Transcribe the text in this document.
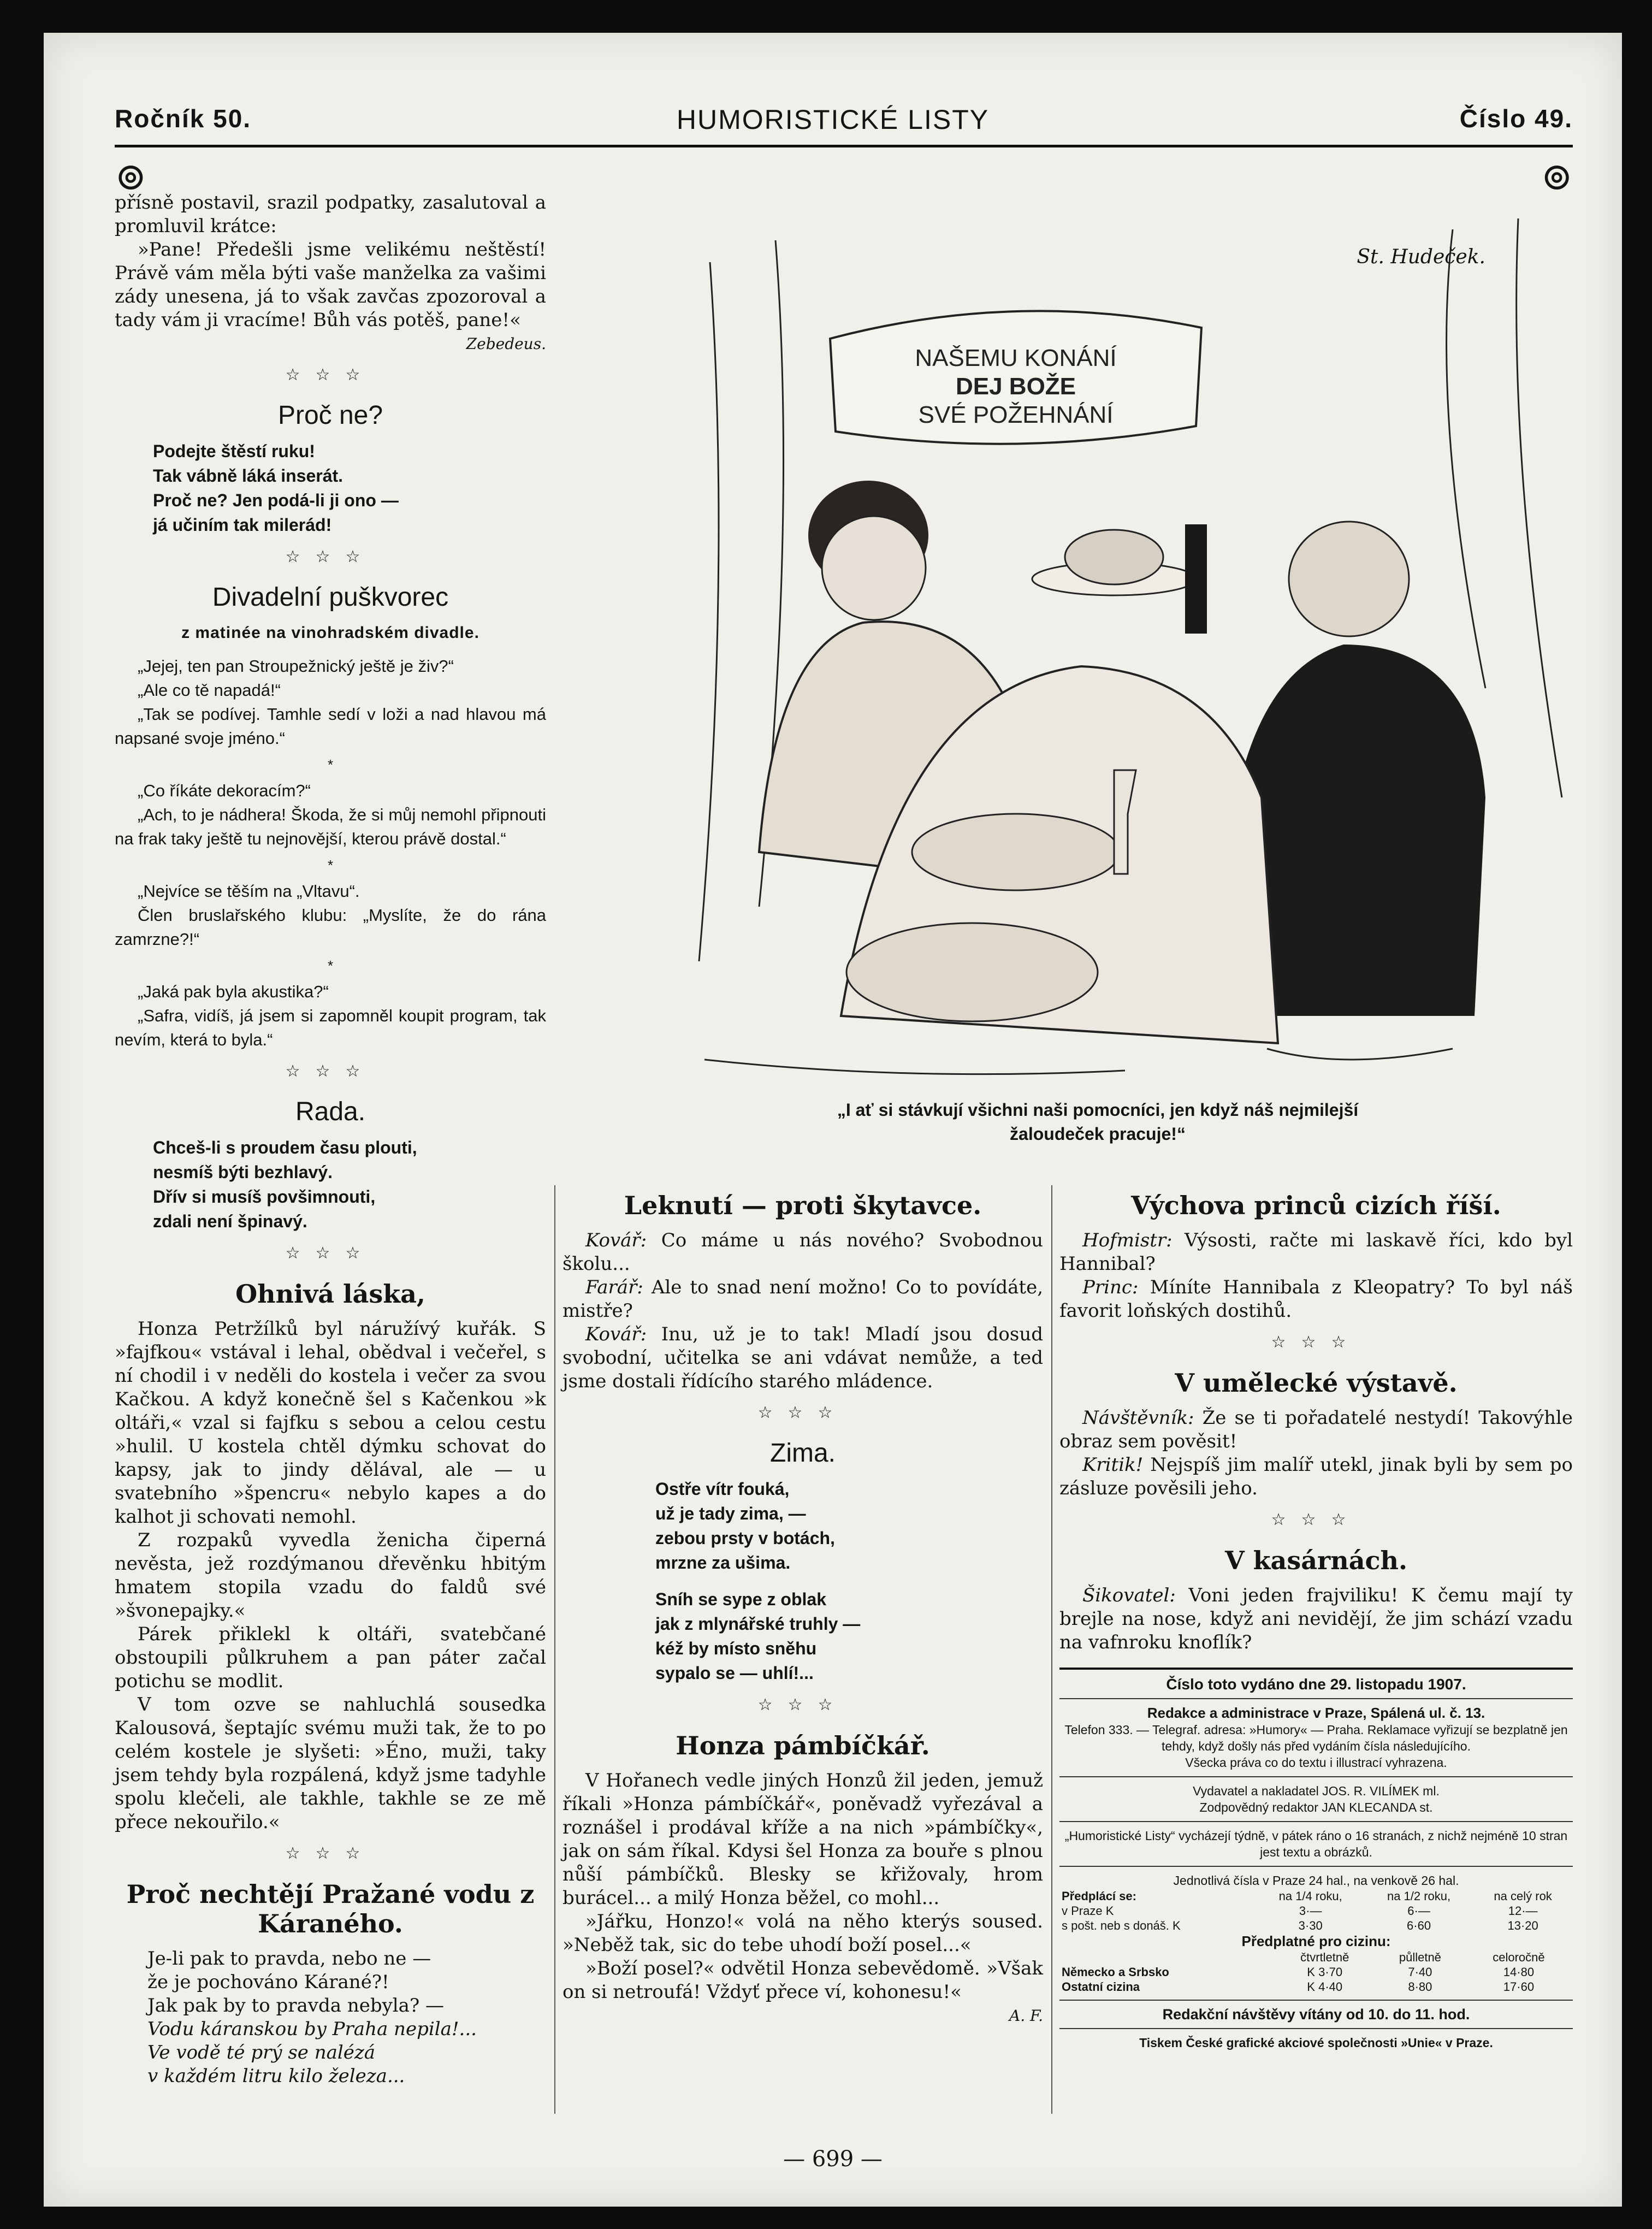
HUMORISTICKÉ LISTY
Ročník 50.	Číslo 49.
⊚	⊚

přísně postavil, srazil podpatky, zasalutoval a promluvil krátce:

»Pane! Předešli jsme velikému neštěstí! Právě vám měla býti vaše manželka za vašimi zády unesena, já to však zavčas zpozoroval a tady vám ji vracíme! Bůh vás potěš, pane!«

Zebedeus.
☆☆☆
Proč ne?
Podejte štěstí ruku!
Tak vábně láká inserát.
Proč ne? Jen podá-li ji ono —
já učiním tak milerád!
☆☆☆
Divadelní puškvorec
z matinée na vinohradském divadle.

„Jejej, ten pan Stroupežnický ještě je živ?“

„Ale co tě napadá!“

„Tak se podívej. Tamhle sedí v loži a nad hlavou má napsané svoje jméno.“

*

„Co říkáte dekoracím?“

„Ach, to je nádhera! Škoda, že si můj nemohl připnouti na frak taky ještě tu nejnovější, kterou právě dostal.“

*

„Nejvíce se těším na „Vltavu“.

Člen bruslařského klubu: „Myslíte, že do rána zamrzne?!“

*

„Jaká pak byla akustika?“

„Safra, vidíš, já jsem si zapomněl koupit program, tak nevím, která to byla.“

☆☆☆
Rada.
Chceš-li s proudem času plouti,
nesmíš býti bezhlavý.
Dřív si musíš povšimnouti,
zdali není špinavý.
☆☆☆
Ohnivá láska,

Honza Petržílků byl náružívý kuřák. S »fajfkou« vstával i lehal, obědval i večeřel, s ní chodil i v neděli do kostela i večer za svou Kačkou. A když konečně šel s Kačenkou »k oltáři,« vzal si fajfku s sebou a celou cestu »hulil. U kostela chtěl dýmku schovat do kapsy, jak to jindy dělával, ale — u svatebního »špencru« nebylo kapes a do kalhot ji schovati nemohl.

Z rozpaků vyvedla ženicha čiperná nevěsta, jež rozdýmanou dřevěnku hbitým hmatem stopila vzadu do faldů své »švonepajky.«

Párek přiklekl k oltáři, svatebčané obstoupili půlkruhem a pan páter začal potichu se modlit.

V tom ozve se nahluchlá sousedka Kalousová, šeptajíc svému muži tak, že to po celém kostele je slyšeti: »Éno, muži, taky jsem tehdy byla rozpálená, když jsme tadyhle spolu klečeli, ale takhle, takhle se ze mě přece nekouřilo.«

☆☆☆
Proč nechtějí Pražané vodu z Káraného.
Je-li pak to pravda, nebo ne —
že je pochováno Kárané?!
Jak pak by to pravda nebyla? —
Vodu káranskou by Praha nepila!...
Ve vodě té prý se nalézá
v každém litru kilo železa...
NAŠEMU KONÁNÍ
DEJ BOŽE
SVÉ POŽEHNÁNÍ
St. Hudeček.
„I ať si stávkují všichni naši pomocníci, jen když náš nejmilejší žaloudeček pracuje!“
Leknutí — proti škytavce.

Kovář: Co máme u nás nového? Svobodnou školu...

Farář: Ale to snad není možno! Co to povídáte, mistře?

Kovář: Inu, už je to tak! Mladí jsou dosud svobodní, učitelka se ani vdávat nemůže, a ted jsme dostali řídícího starého mládence.

☆☆☆
Zima.
Ostře vítr fouká,
už je tady zima, —
zebou prsty v botách,
mrzne za ušima.
Sníh se sype z oblak
jak z mlynářské truhly —
kéž by místo sněhu
sypalo se — uhlí!...
☆☆☆
Honza pámbíčkář.

V Hořanech vedle jiných Honzů žil jeden, jemuž říkali »Honza pámbíčkář«, poněvadž vyřezával a roznášel i prodával kříže a na nich »pámbíčky«, jak on sám říkal. Kdysi šel Honza za bouře s plnou nůší pámbíčků. Blesky se křižovaly, hrom burácel... a milý Honza běžel, co mohl...

»Jářku, Honzo!« volá na něho kterýs soused. »Neběž tak, sic do tebe uhodí boží posel...«

»Boží posel?« odvětil Honza sebevědomě. »Však on si netroufá! Vždyť přece ví, kohonesu!«

A. F.
Výchova princů cizích říší.

Hofmistr: Výsosti, račte mi laskavě říci, kdo byl Hannibal?

Princ: Míníte Hannibala z Kleopatry? To byl náš favorit loňských dostihů.

☆☆☆
V umělecké výstavě.

Návštěvník: Že se ti pořadatelé nestydí! Takovýhle obraz sem pověsit!

Kritik! Nejspíš jim malíř utekl, jinak byli by sem po zásluze pověsili jeho.

☆☆☆
V kasárnách.

Šikovatel: Voni jeden frajviliku! K čemu mají ty brejle na nose, když ani nevidějí, že jim schází vzadu na vafnroku knoflík?

Číslo toto vydáno dne 29. listopadu 1907.
Redakce a administrace v Praze, Spálená ul. č. 13.
Telefon 333. — Telegraf. adresa: »Humory« — Praha. Reklamace vyřizují se bezplatně jen tehdy, když došly nás před vydáním čísla následujícího.
Všecka práva co do textu i illustrací vyhrazena.
Vydavatel a nakladatel JOS. R. VILÍMEK ml.
Zodpovědný redaktor JAN KLECANDA st.
„Humoristické Listy“ vycházejí týdně, v pátek ráno o 16 stranách, z nichž nejméně 10 stran jest textu a obrázků.
Jednotlivá čísla v Praze 24 hal., na venkově 26 hal.
Předplácí se:	na 1/4 roku,	na 1/2 roku,	na celý rok
v Praze K	3·—	6·—	12·—
s pošt. neb s donáš. K	3·30	6·60	13·20
Předplatné pro cizinu:
	čtvrtletně	půlletně	celoročně
Německo a Srbsko	K 3·70	7·40	14·80
Ostatní cizina	K 4·40	8·80	17·60
Redakční návštěvy vítány od 10. do 11. hod.
Tiskem České grafické akciové společnosti »Unie« v Praze.
— 699 —
